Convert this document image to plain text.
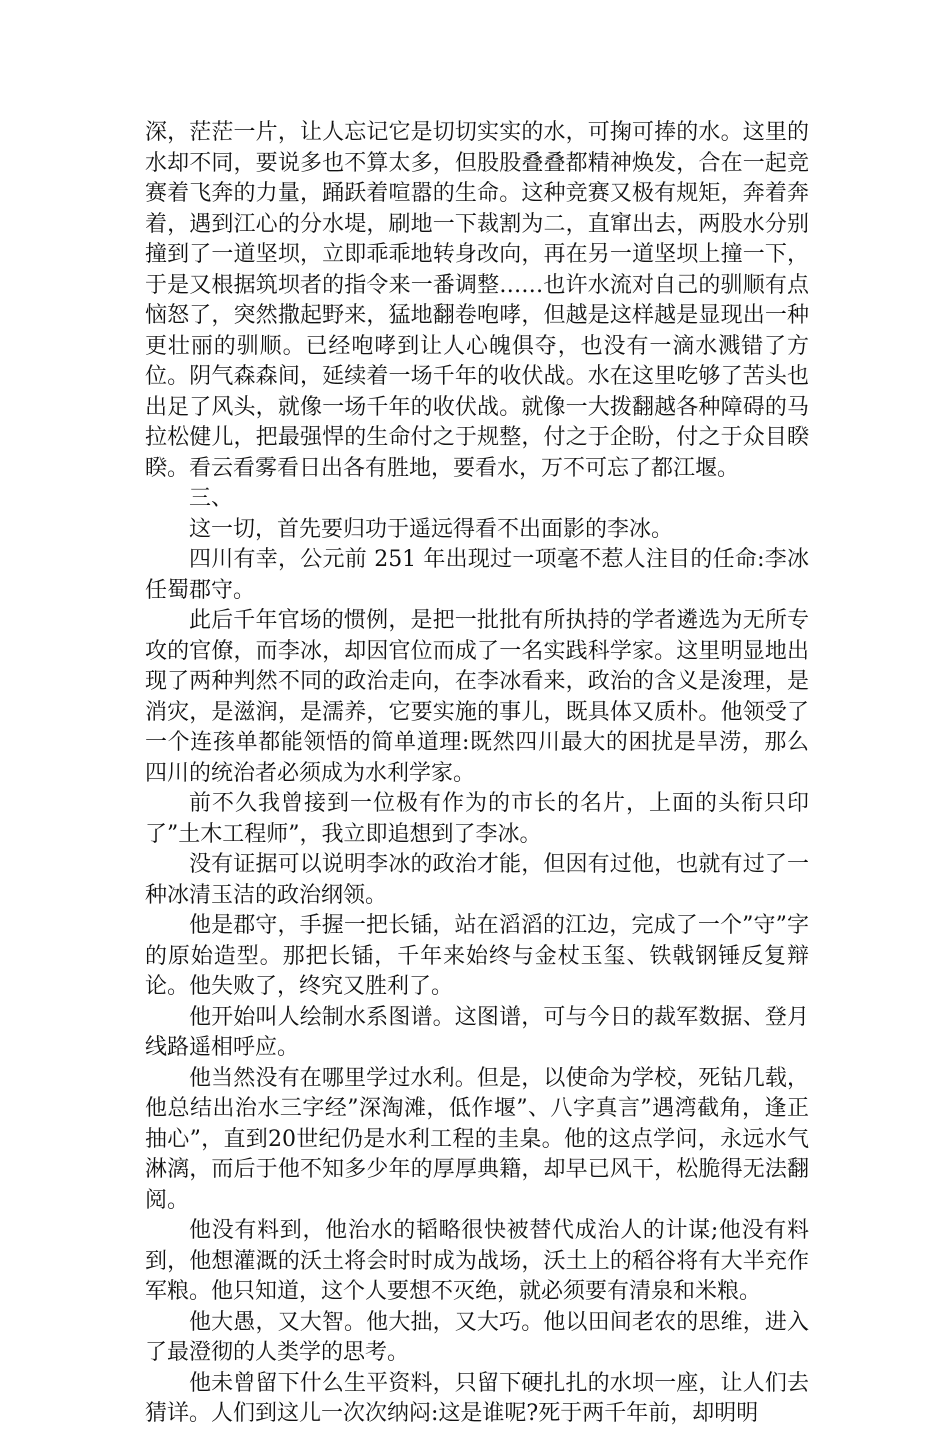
深，茫茫一片，让人忘记它是切切实实的水，可掬可捧的水。这里的水却不同，要说多也不算太多，但股股叠叠都精神焕发，合在一起竞赛着飞奔的力量，踊跃着喧嚣的生命。这种竞赛又极有规矩，奔着奔着，遇到江心的分水堤，刷地一下裁割为二，直窜出去，两股水分别撞到了一道坚坝，立即乖乖地转身改向，再在另一道坚坝上撞一下，于是又根据筑坝者的指令来一番调整……也许水流对自己的驯顺有点恼怒了，突然撒起野来，猛地翻卷咆哮，但越是这样越是显现出一种更壮丽的驯顺。已经咆哮到让人心魄俱夺，也没有一滴水溅错了方位。阴气森森间，延续着一场千年的收伏战。水在这里吃够了苦头也出足了风头，就像一场千年的收伏战。就像一大拨翻越各种障碍的马拉松健儿，把最强悍的生命付之于规整，付之于企盼，付之于众目睽睽。看云看雾看日出各有胜地，要看水，万不可忘了都江堰。

三、

这一切，首先要归功于遥远得看不出面影的李冰。

四川有幸，公元前 251 年出现过一项毫不惹人注目的任命:李冰任蜀郡守。

此后千年官场的惯例，是把一批批有所执持的学者遴选为无所专攻的官僚，而李冰，却因官位而成了一名实践科学家。这里明显地出现了两种判然不同的政治走向，在李冰看来，政治的含义是浚理，是消灾，是滋润，是濡养，它要实施的事儿，既具体又质朴。他领受了一个连孩单都能领悟的简单道理:既然四川最大的困扰是旱涝，那么四川的统治者必须成为水利学家。

前不久我曾接到一位极有作为的市长的名片，上面的头衔只印了”土木工程师”，我立即追想到了李冰。

没有证据可以说明李冰的政治才能，但因有过他，也就有过了一种冰清玉洁的政治纲领。

他是郡守，手握一把长锸，站在滔滔的江边，完成了一个”守”字的原始造型。那把长锸，千年来始终与金杖玉玺、铁戟钢锤反复辩论。他失败了，终究又胜利了。

他开始叫人绘制水系图谱。这图谱，可与今日的裁军数据、登月线路遥相呼应。

他当然没有在哪里学过水利。但是，以使命为学校，死钻几载，他总结出治水三字经”深淘滩，低作堰”、八字真言”遇湾截角，逢正抽心”，直到20世纪仍是水利工程的圭臬。他的这点学问，永远水气淋漓，而后于他不知多少年的厚厚典籍，却早已风干，松脆得无法翻阅。

他没有料到，他治水的韬略很快被替代成治人的计谋;他没有料到，他想灌溉的沃土将会时时成为战场，沃土上的稻谷将有大半充作军粮。他只知道，这个人要想不灭绝，就必须要有清泉和米粮。

他大愚，又大智。他大拙，又大巧。他以田间老农的思维，进入了最澄彻的人类学的思考。

他未曾留下什么生平资料，只留下硬扎扎的水坝一座，让人们去猜详。人们到这儿一次次纳闷:这是谁呢?死于两千年前，却明明
